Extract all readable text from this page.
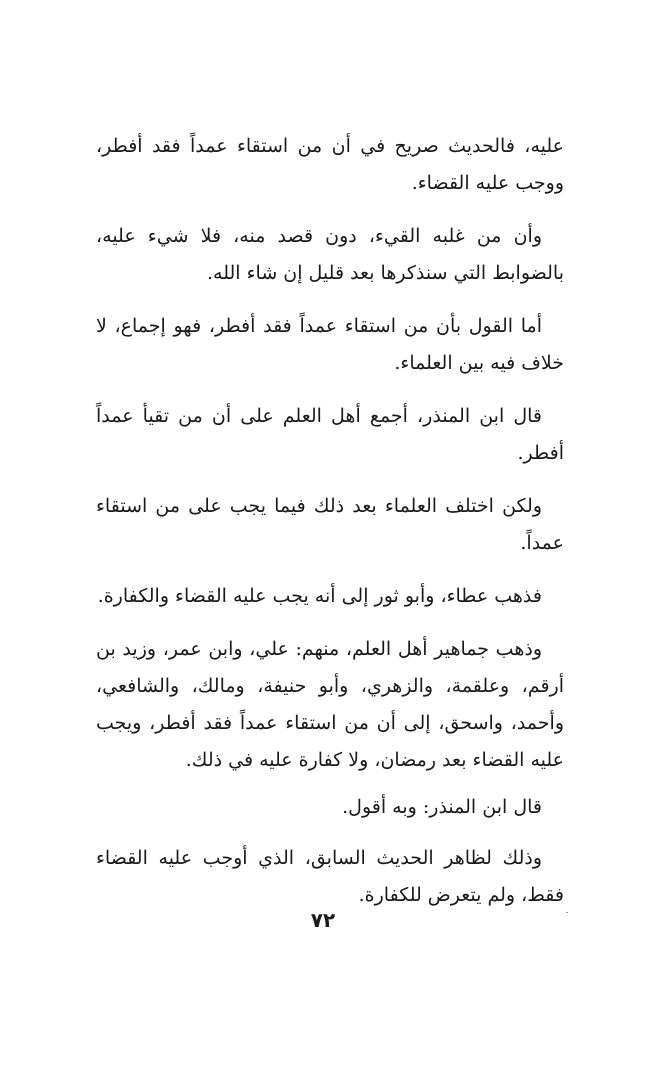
عليه، فالحديث صريح في أن من استقاء عمداً فقد أفطر، ووجب عليه القضاء.

وأن من غلبه القيء، دون قصد منه، فلا شيء عليه، بالضوابط التي سنذكرها بعد قليل إن شاء الله.

أما القول بأن من استقاء عمداً فقد أفطر، فهو إجماع، لا خلاف فيه بين العلماء.

قال ابن المنذر، أجمع أهل العلم على أن من تقيأ عمداً أفطر.

ولكن اختلف العلماء بعد ذلك فيما يجب على من استقاء عمداً.

فذهب عطاء، وأبو ثور إلى أنه يجب عليه القضاء والكفارة.

وذهب جماهير أهل العلم، منهم: علي، وابن عمر، وزيد بن أرقم، وعلقمة، والزهري، وأبو حنيفة، ومالك، والشافعي، وأحمد، واسحق، إلى أن من استقاء عمداً فقد أفطر، ويجب عليه القضاء بعد رمضان، ولا كفارة عليه في ذلك.

قال ابن المنذر: وبه أقول.

وذلك لظاهر الحديث السابق، الذي أوجب عليه القضاء فقط، ولم يتعرض للكفارة.

٧٢
